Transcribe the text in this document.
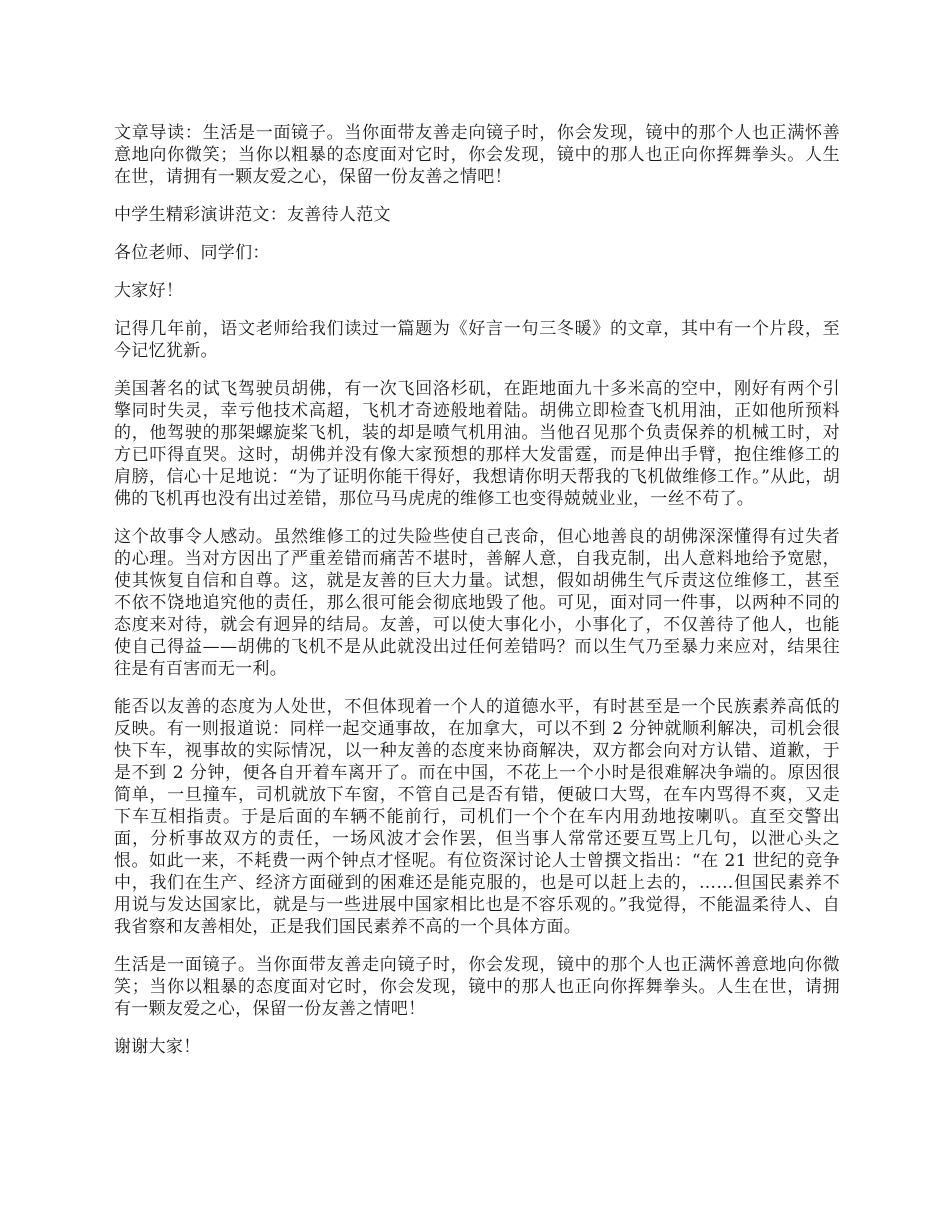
文章导读：生活是一面镜子。当你面带友善走向镜子时，你会发现，镜中的那个人也正满怀善意地向你微笑；当你以粗暴的态度面对它时，你会发现，镜中的那人也正向你挥舞拳头。人生在世，请拥有一颗友爱之心，保留一份友善之情吧！

中学生精彩演讲范文：友善待人范文

各位老师、同学们：

大家好！

记得几年前，语文老师给我们读过一篇题为《好言一句三冬暖》的文章，其中有一个片段，至今记忆犹新。

美国著名的试飞驾驶员胡佛，有一次飞回洛杉矶，在距地面九十多米高的空中，刚好有两个引擎同时失灵，幸亏他技术高超，飞机才奇迹般地着陆。胡佛立即检查飞机用油，正如他所预料的，他驾驶的那架螺旋桨飞机，装的却是喷气机用油。当他召见那个负责保养的机械工时，对方已吓得直哭。这时，胡佛并没有像大家预想的那样大发雷霆，而是伸出手臂，抱住维修工的肩膀，信心十足地说：“为了证明你能干得好，我想请你明天帮我的飞机做维修工作。”从此，胡佛的飞机再也没有出过差错，那位马马虎虎的维修工也变得兢兢业业，一丝不苟了。

这个故事令人感动。虽然维修工的过失险些使自己丧命，但心地善良的胡佛深深懂得有过失者的心理。当对方因出了严重差错而痛苦不堪时，善解人意，自我克制，出人意料地给予宽慰，使其恢复自信和自尊。这，就是友善的巨大力量。试想，假如胡佛生气斥责这位维修工，甚至不依不饶地追究他的责任，那么很可能会彻底地毁了他。可见，面对同一件事，以两种不同的态度来对待，就会有迥异的结局。友善，可以使大事化小，小事化了，不仅善待了他人，也能使自己得益——胡佛的飞机不是从此就没出过任何差错吗？而以生气乃至暴力来应对，结果往往是有百害而无一利。

能否以友善的态度为人处世，不但体现着一个人的道德水平，有时甚至是一个民族素养高低的反映。有一则报道说：同样一起交通事故，在加拿大，可以不到 2 分钟就顺利解决，司机会很快下车，视事故的实际情况，以一种友善的态度来协商解决，双方都会向对方认错、道歉，于是不到 2 分钟，便各自开着车离开了。而在中国，不花上一个小时是很难解决争端的。原因很简单，一旦撞车，司机就放下车窗，不管自己是否有错，便破口大骂，在车内骂得不爽，又走下车互相指责。于是后面的车辆不能前行，司机们一个个在车内用劲地按喇叭。直至交警出面，分析事故双方的责任，一场风波才会作罢，但当事人常常还要互骂上几句，以泄心头之恨。如此一来，不耗费一两个钟点才怪呢。有位资深讨论人士曾撰文指出：“在 21 世纪的竞争中，我们在生产、经济方面碰到的困难还是能克服的，也是可以赶上去的，……但国民素养不用说与发达国家比，就是与一些进展中国家相比也是不容乐观的。”我觉得，不能温柔待人、自我省察和友善相处，正是我们国民素养不高的一个具体方面。

生活是一面镜子。当你面带友善走向镜子时，你会发现，镜中的那个人也正满怀善意地向你微笑；当你以粗暴的态度面对它时，你会发现，镜中的那人也正向你挥舞拳头。人生在世，请拥有一颗友爱之心，保留一份友善之情吧！

谢谢大家！
